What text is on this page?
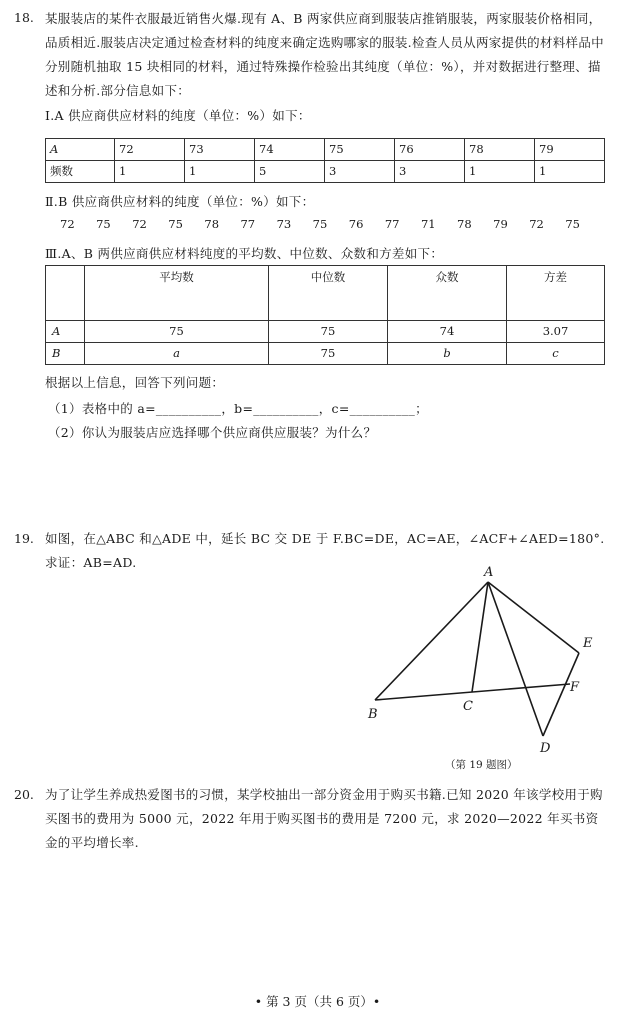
18. 某服装店的某件衣服最近销售火爆.现有 A、B 两家供应商到服装店推销服装，两家服装价格相同，品质相近.服装店决定通过检查材料的纯度来确定选购哪家的服装.检查人员从两家提供的材料样品中分别随机抽取 15 块相同的材料，通过特殊操作检验出其纯度（单位：%），并对数据进行整理、描述和分析.部分信息如下：
Ⅰ.A 供应商供应材料的纯度（单位：%）如下：
A	72	73	74	75	76	78	79
频数	1	1	5	3	3	1	1
Ⅱ.B 供应商供应材料的纯度（单位：%）如下：
72 75 72 75 78 77 73 75 76 77 71 78 79 72 75
Ⅲ.A、B 两供应商供应材料纯度的平均数、中位数、众数和方差如下：
	平均数	中位数	众数	方差
A	75	75	74	3.07
B	a	75	b	c
根据以上信息，回答下列问题：
（1）表格中的 a=__________，b=__________，c=__________；
（2）你认为服装店应选择哪个供应商供应服装？为什么？
19. 如图，在△ABC 和△ADE 中，延长 BC 交 DE 于 F.BC=DE，AC=AE，∠ACF+∠AED=180°.求证：AB=AD.
A
B
C
D
E
F
（第 19 题图）
20. 为了让学生养成热爱图书的习惯，某学校抽出一部分资金用于购买书籍.已知 2020 年该学校用于购买图书的费用为 5000 元，2022 年用于购买图书的费用是 7200 元，求 2020—2022 年买书资金的平均增长率.
• 第 3 页（共 6 页）•
